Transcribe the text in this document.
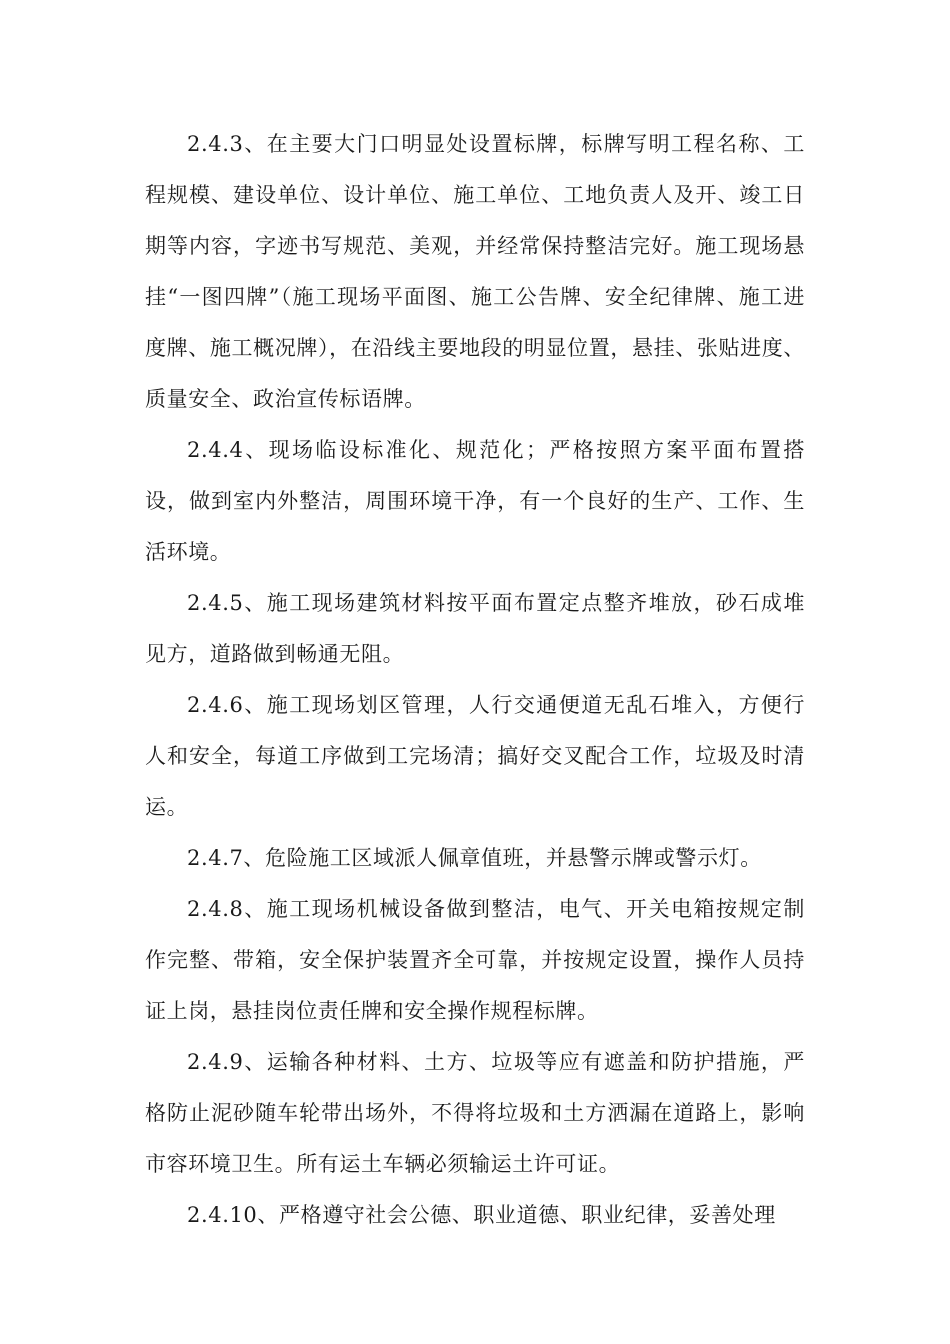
2.4.3、在主要大门口明显处设置标牌，标牌写明工程名称、工程规模、建设单位、设计单位、施工单位、工地负责人及开、竣工日期等内容，字迹书写规范、美观，并经常保持整洁完好。施工现场悬挂“一图四牌”（施工现场平面图、施工公告牌、安全纪律牌、施工进度牌、施工概况牌），在沿线主要地段的明显位置，悬挂、张贴进度、质量安全、政治宣传标语牌。

2.4.4、现场临设标准化、规范化；严格按照方案平面布置搭设，做到室内外整洁，周围环境干净，有一个良好的生产、工作、生活环境。

2.4.5、施工现场建筑材料按平面布置定点整齐堆放，砂石成堆见方，道路做到畅通无阻。

2.4.6、施工现场划区管理，人行交通便道无乱石堆入，方便行人和安全，每道工序做到工完场清；搞好交叉配合工作，垃圾及时清运。

2.4.7、危险施工区域派人佩章值班，并悬警示牌或警示灯。

2.4.8、施工现场机械设备做到整洁，电气、开关电箱按规定制作完整、带箱，安全保护装置齐全可靠，并按规定设置，操作人员持证上岗，悬挂岗位责任牌和安全操作规程标牌。

2.4.9、运输各种材料、土方、垃圾等应有遮盖和防护措施，严格防止泥砂随车轮带出场外，不得将垃圾和土方洒漏在道路上，影响市容环境卫生。所有运土车辆必须输运土许可证。

2.4.10、严格遵守社会公德、职业道德、职业纪律，妥善处理
